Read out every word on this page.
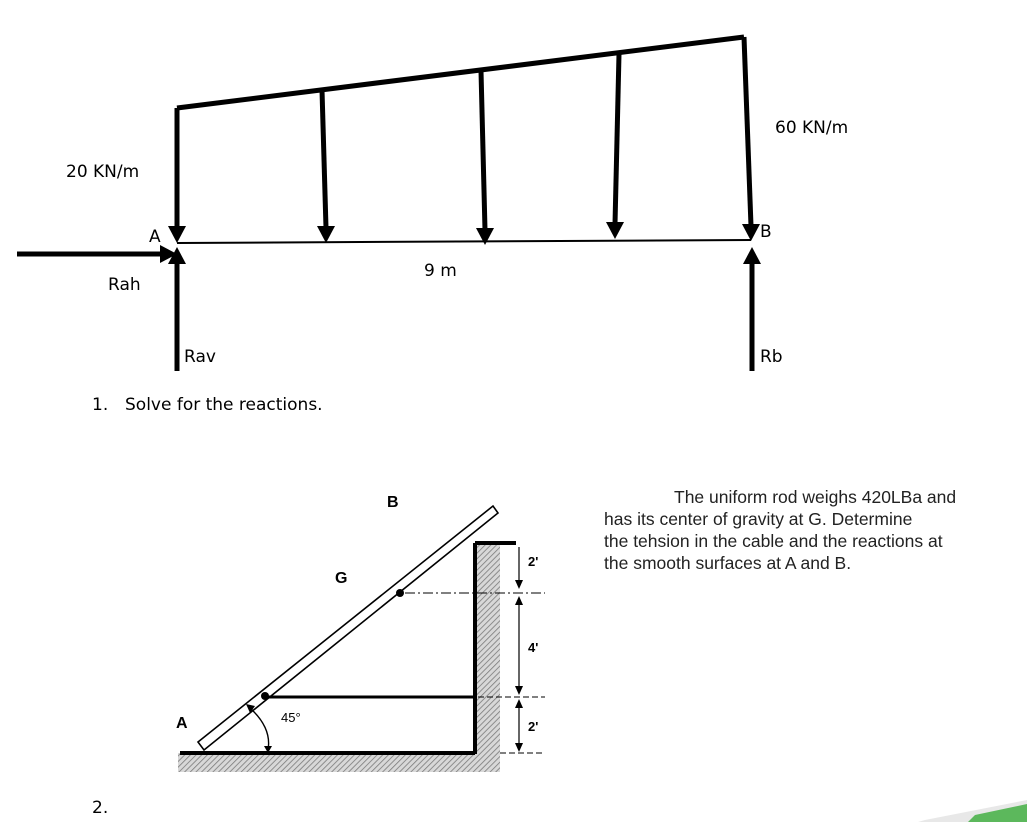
20 KN/m
60 KN/m
A	B
9 m
Rah
Rav	Rb
A
B
G
45°
2'
4'
2'
1. Solve for the reactions.
The uniform rod weighs 420LBa and
has its center of gravity at G. Determine
the tehsion in the cable and the reactions at
the smooth surfaces at A and B.
2.
